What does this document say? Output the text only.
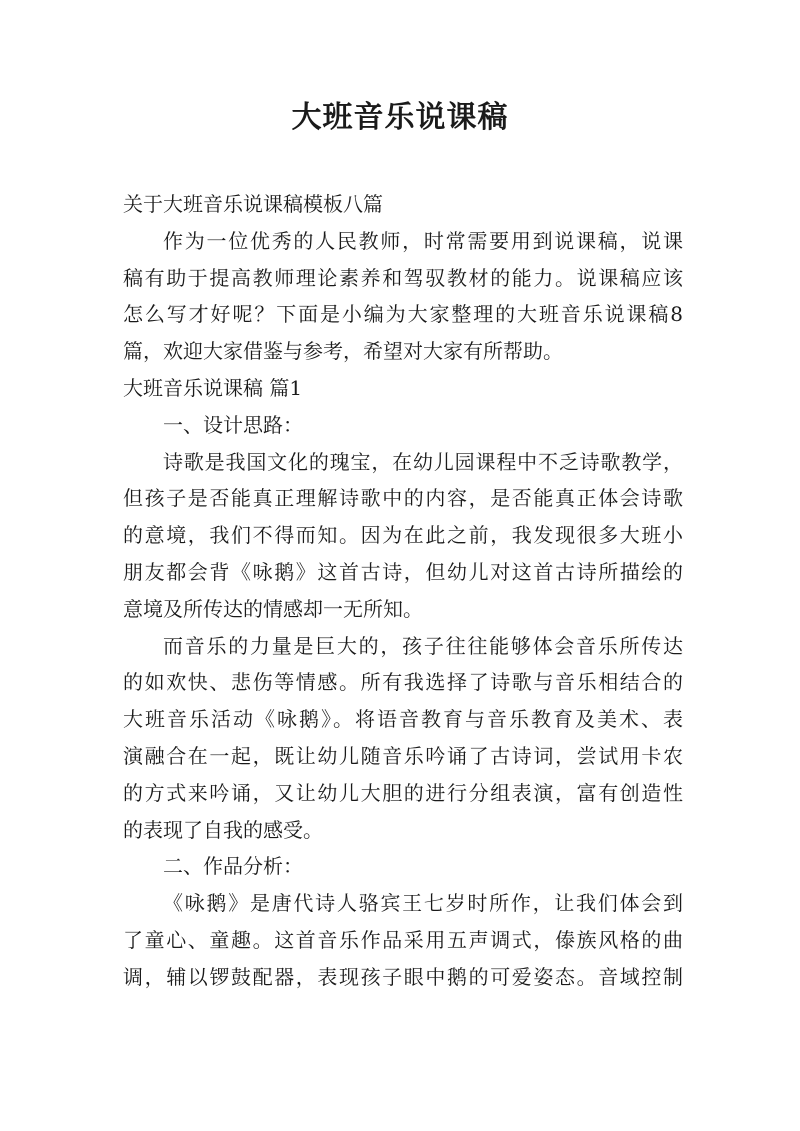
大班音乐说课稿

关于大班音乐说课稿模板八篇

作为一位优秀的人民教师，时常需要用到说课稿，说课

稿有助于提高教师理论素养和驾驭教材的能力。说课稿应该

怎么写才好呢？下面是小编为大家整理的大班音乐说课稿8

篇，欢迎大家借鉴与参考，希望对大家有所帮助。

大班音乐说课稿 篇1

一、设计思路：

诗歌是我国文化的瑰宝，在幼儿园课程中不乏诗歌教学，

但孩子是否能真正理解诗歌中的内容，是否能真正体会诗歌

的意境，我们不得而知。因为在此之前，我发现很多大班小

朋友都会背《咏鹅》这首古诗，但幼儿对这首古诗所描绘的

意境及所传达的情感却一无所知。

而音乐的力量是巨大的，孩子往往能够体会音乐所传达

的如欢快、悲伤等情感。所有我选择了诗歌与音乐相结合的

大班音乐活动《咏鹅》。将语音教育与音乐教育及美术、表

演融合在一起，既让幼儿随音乐吟诵了古诗词，尝试用卡农

的方式来吟诵，又让幼儿大胆的进行分组表演，富有创造性

的表现了自我的感受。

二、作品分析：

《咏鹅》是唐代诗人骆宾王七岁时所作，让我们体会到

了童心、童趣。这首音乐作品采用五声调式，傣族风格的曲

调，辅以锣鼓配器，表现孩子眼中鹅的可爱姿态。音域控制
